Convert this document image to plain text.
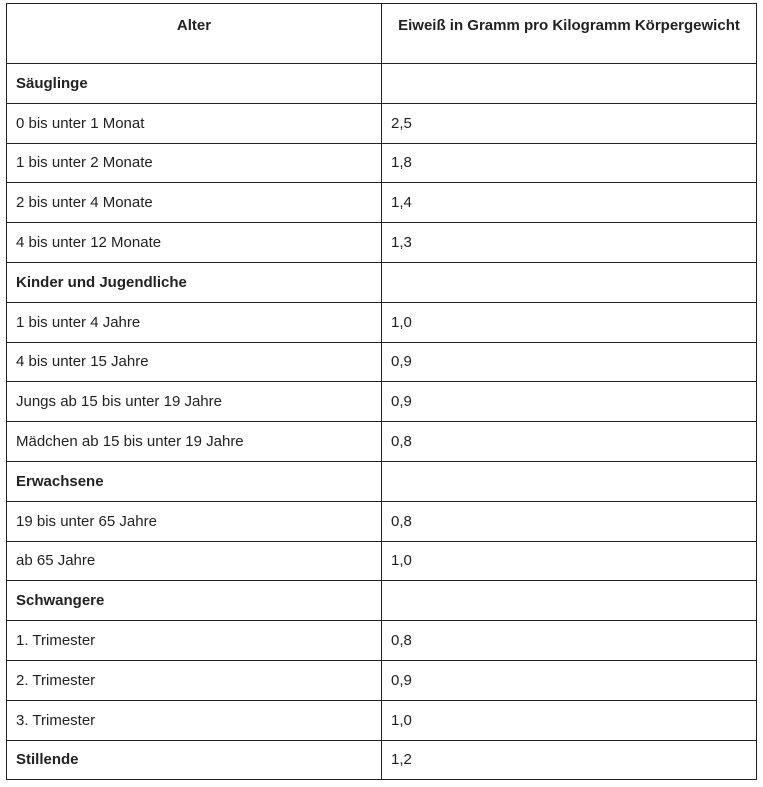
Alter	Eiweiß in Gramm pro Kilogramm Körpergewicht
Säuglinge	
0 bis unter 1 Monat	2,5
1 bis unter 2 Monate	1,8
2 bis unter 4 Monate	1,4
4 bis unter 12 Monate	1,3
Kinder und Jugendliche	
1 bis unter 4 Jahre	1,0
4 bis unter 15 Jahre	0,9
Jungs ab 15 bis unter 19 Jahre	0,9
Mädchen ab 15 bis unter 19 Jahre	0,8
Erwachsene	
19 bis unter 65 Jahre	0,8
ab 65 Jahre	1,0
Schwangere	
1. Trimester	0,8
2. Trimester	0,9
3. Trimester	1,0
Stillende	1,2
